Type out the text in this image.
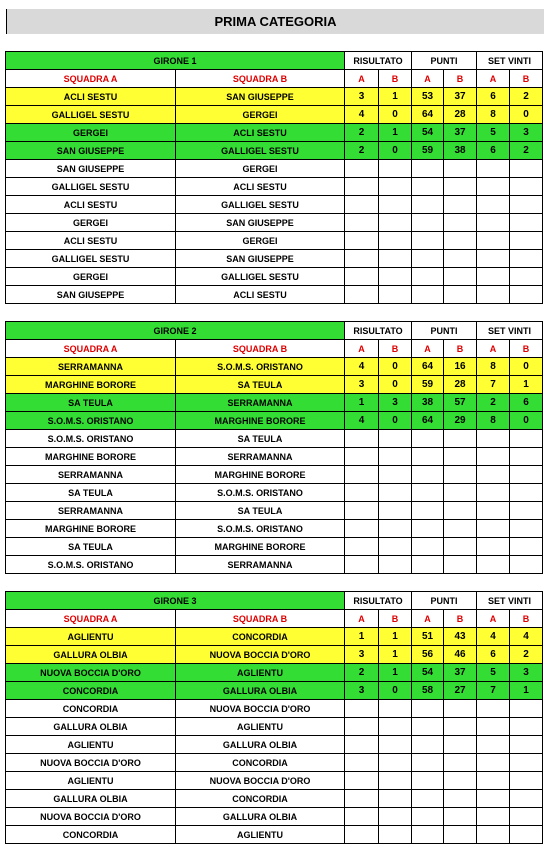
PRIMA CATEGORIA
GIRONE 1		RISULTATO		PUNTI		SET VINTI	
SQUADRA A	SQUADRA B	A	B	A	B	A	B
ACLI SESTU	SAN GIUSEPPE	3	1	53	37	6	2
GALLIGEL SESTU	GERGEI	4	0	64	28	8	0
GERGEI	ACLI SESTU	2	1	54	37	5	3
SAN GIUSEPPE	GALLIGEL SESTU	2	0	59	38	6	2
SAN GIUSEPPE	GERGEI						
GALLIGEL SESTU	ACLI SESTU						
ACLI SESTU	GALLIGEL SESTU						
GERGEI	SAN GIUSEPPE						
ACLI SESTU	GERGEI						
GALLIGEL SESTU	SAN GIUSEPPE						
GERGEI	GALLIGEL SESTU						
SAN GIUSEPPE	ACLI SESTU						
GIRONE 2		RISULTATO		PUNTI		SET VINTI	
SQUADRA A	SQUADRA B	A	B	A	B	A	B
SERRAMANNA	S.O.M.S. ORISTANO	4	0	64	16	8	0
MARGHINE BORORE	SA TEULA	3	0	59	28	7	1
SA TEULA	SERRAMANNA	1	3	38	57	2	6
S.O.M.S. ORISTANO	MARGHINE BORORE	4	0	64	29	8	0
S.O.M.S. ORISTANO	SA TEULA						
MARGHINE BORORE	SERRAMANNA						
SERRAMANNA	MARGHINE BORORE						
SA TEULA	S.O.M.S. ORISTANO						
SERRAMANNA	SA TEULA						
MARGHINE BORORE	S.O.M.S. ORISTANO						
SA TEULA	MARGHINE BORORE						
S.O.M.S. ORISTANO	SERRAMANNA						
GIRONE 3		RISULTATO		PUNTI		SET VINTI	
SQUADRA A	SQUADRA B	A	B	A	B	A	B
AGLIENTU	CONCORDIA	1	1	51	43	4	4
GALLURA OLBIA	NUOVA BOCCIA D'ORO	3	1	56	46	6	2
NUOVA BOCCIA D'ORO	AGLIENTU	2	1	54	37	5	3
CONCORDIA	GALLURA OLBIA	3	0	58	27	7	1
CONCORDIA	NUOVA BOCCIA D'ORO						
GALLURA OLBIA	AGLIENTU						
AGLIENTU	GALLURA OLBIA						
NUOVA BOCCIA D'ORO	CONCORDIA						
AGLIENTU	NUOVA BOCCIA D'ORO						
GALLURA OLBIA	CONCORDIA						
NUOVA BOCCIA D'ORO	GALLURA OLBIA						
CONCORDIA	AGLIENTU						
